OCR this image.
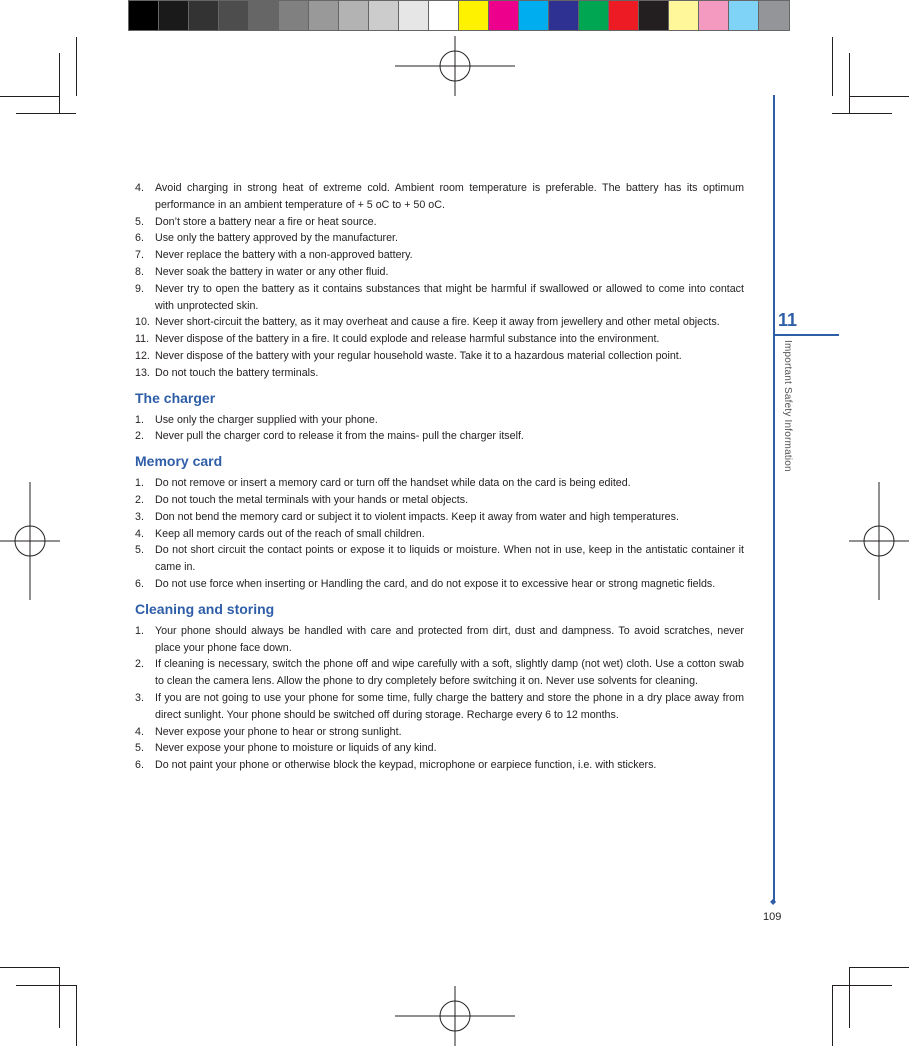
4. Avoid charging in strong heat of extreme cold. Ambient room temperature is preferable. The battery has its optimum performance in an ambient temperature of + 5 oC to + 50 oC.
5. Don’t store a battery near a fire or heat source.
6. Use only the battery approved by the manufacturer.
7. Never replace the battery with a non-approved battery.
8. Never soak the battery in water or any other fluid.
9. Never try to open the battery as it contains substances that might be harmful if swallowed or allowed to come into contact with unprotected skin.
10. Never short-circuit the battery, as it may overheat and cause a fire. Keep it away from jewellery and other metal objects.
11. Never dispose of the battery in a fire. It could explode and release harmful substance into the environment.
12. Never dispose of the battery with your regular household waste. Take it to a hazardous material collection point.
13. Do not touch the battery terminals.
The charger
1. Use only the charger supplied with your phone.
2. Never pull the charger cord to release it from the mains- pull the charger itself.
Memory card
1. Do not remove or insert a memory card or turn off the handset while data on the card is being edited.
2. Do not touch the metal terminals with your hands or metal objects.
3. Don not bend the memory card or subject it to violent impacts. Keep it away from water and high temperatures.
4. Keep all memory cards out of the reach of small children.
5. Do not short circuit the contact points or expose it to liquids or moisture. When not in use, keep in the antistatic container it came in.
6. Do not use force when inserting or Handling the card, and do not expose it to excessive hear or strong magnetic fields.
Cleaning and storing
1. Your phone should always be handled with care and protected from dirt, dust and dampness. To avoid scratches, never place your phone face down.
2. If cleaning is necessary, switch the phone off and wipe carefully with a soft, slightly damp (not wet) cloth. Use a cotton swab to clean the camera lens. Allow the phone to dry completely before switching it on. Never use solvents for cleaning.
3. If you are not going to use your phone for some time, fully charge the battery and store the phone in a dry place away from direct sunlight. Your phone should be switched off during storage. Recharge every 6 to 12 months.
4. Never expose your phone to hear or strong sunlight.
5. Never expose your phone to moisture or liquids of any kind.
6. Do not paint your phone or otherwise block the keypad, microphone or earpiece function, i.e. with stickers.
11
Important Safety Information
◆
109
